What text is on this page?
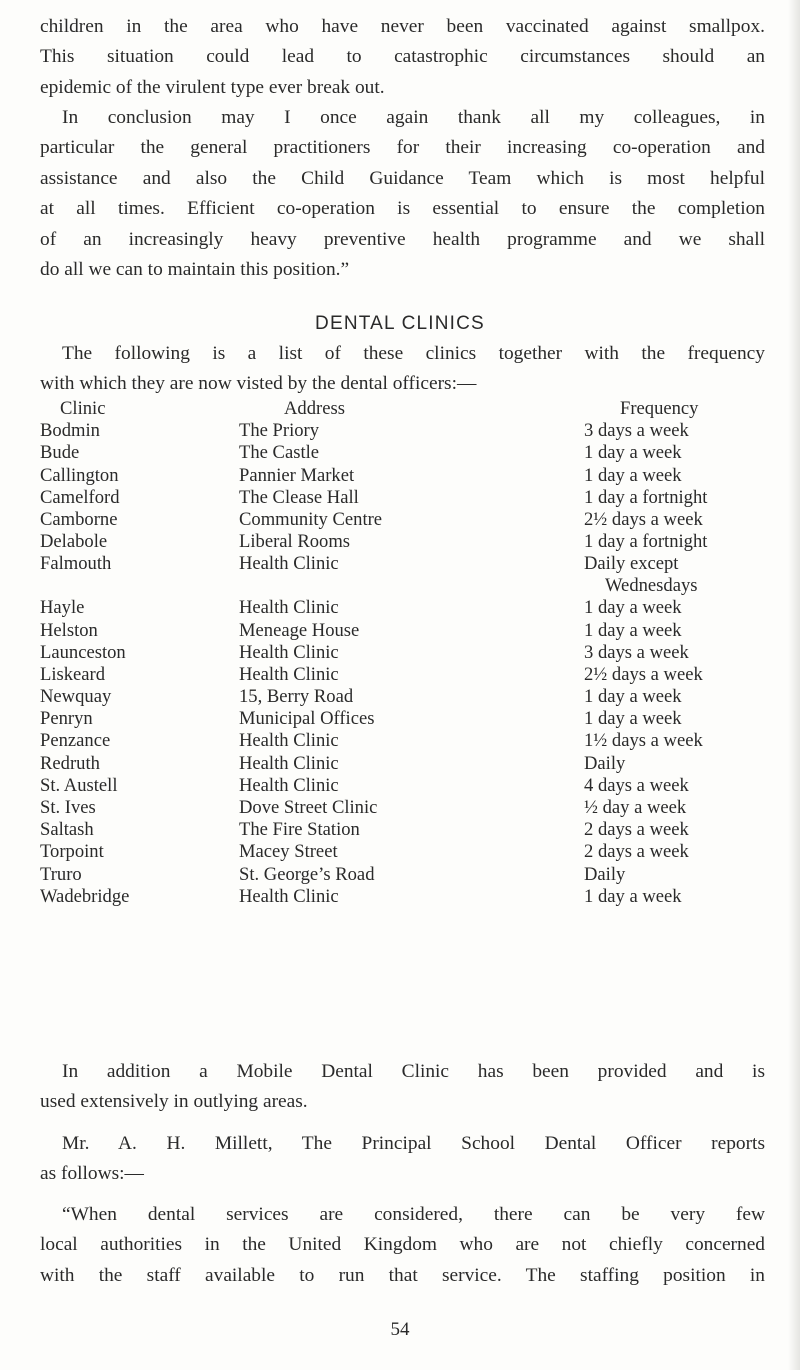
children in the area who have never been vaccinated against smallpox.
This situation could lead to catastrophic circumstances should an
epidemic of the virulent type ever break out.
In conclusion may I once again thank all my colleagues, in
particular the general practitioners for their increasing co-operation and
assistance and also the Child Guidance Team which is most helpful
at all times. Efficient co-operation is essential to ensure the completion
of an increasingly heavy preventive health programme and we shall
do all we can to maintain this position.”
DENTAL CLINICS
The following is a list of these clinics together with the frequency
with which they are now visted by the dental officers:—
Clinic	Address	Frequency
Bodmin	The Priory	3 days a week
Bude	The Castle	1 day a week
Callington	Pannier Market	1 day a week
Camelford	The Clease Hall	1 day a fortnight
Camborne	Community Centre	2½ days a week
Delabole	Liberal Rooms	1 day a fortnight
Falmouth	Health Clinic	Daily except
Wednesdays
Hayle	Health Clinic	1 day a week
Helston	Meneage House	1 day a week
Launceston	Health Clinic	3 days a week
Liskeard	Health Clinic	2½ days a week
Newquay	15, Berry Road	1 day a week
Penryn	Municipal Offices	1 day a week
Penzance	Health Clinic	1½ days a week
Redruth	Health Clinic	Daily
St. Austell	Health Clinic	4 days a week
St. Ives	Dove Street Clinic	½ day a week
Saltash	The Fire Station	2 days a week
Torpoint	Macey Street	2 days a week
Truro	St. George’s Road	Daily
Wadebridge	Health Clinic	1 day a week
In addition a Mobile Dental Clinic has been provided and is
used extensively in outlying areas.
Mr. A. H. Millett, The Principal School Dental Officer reports
as follows:—
“When dental services are considered, there can be very few
local authorities in the United Kingdom who are not chiefly concerned
with the staff available to run that service. The staffing position in
54
